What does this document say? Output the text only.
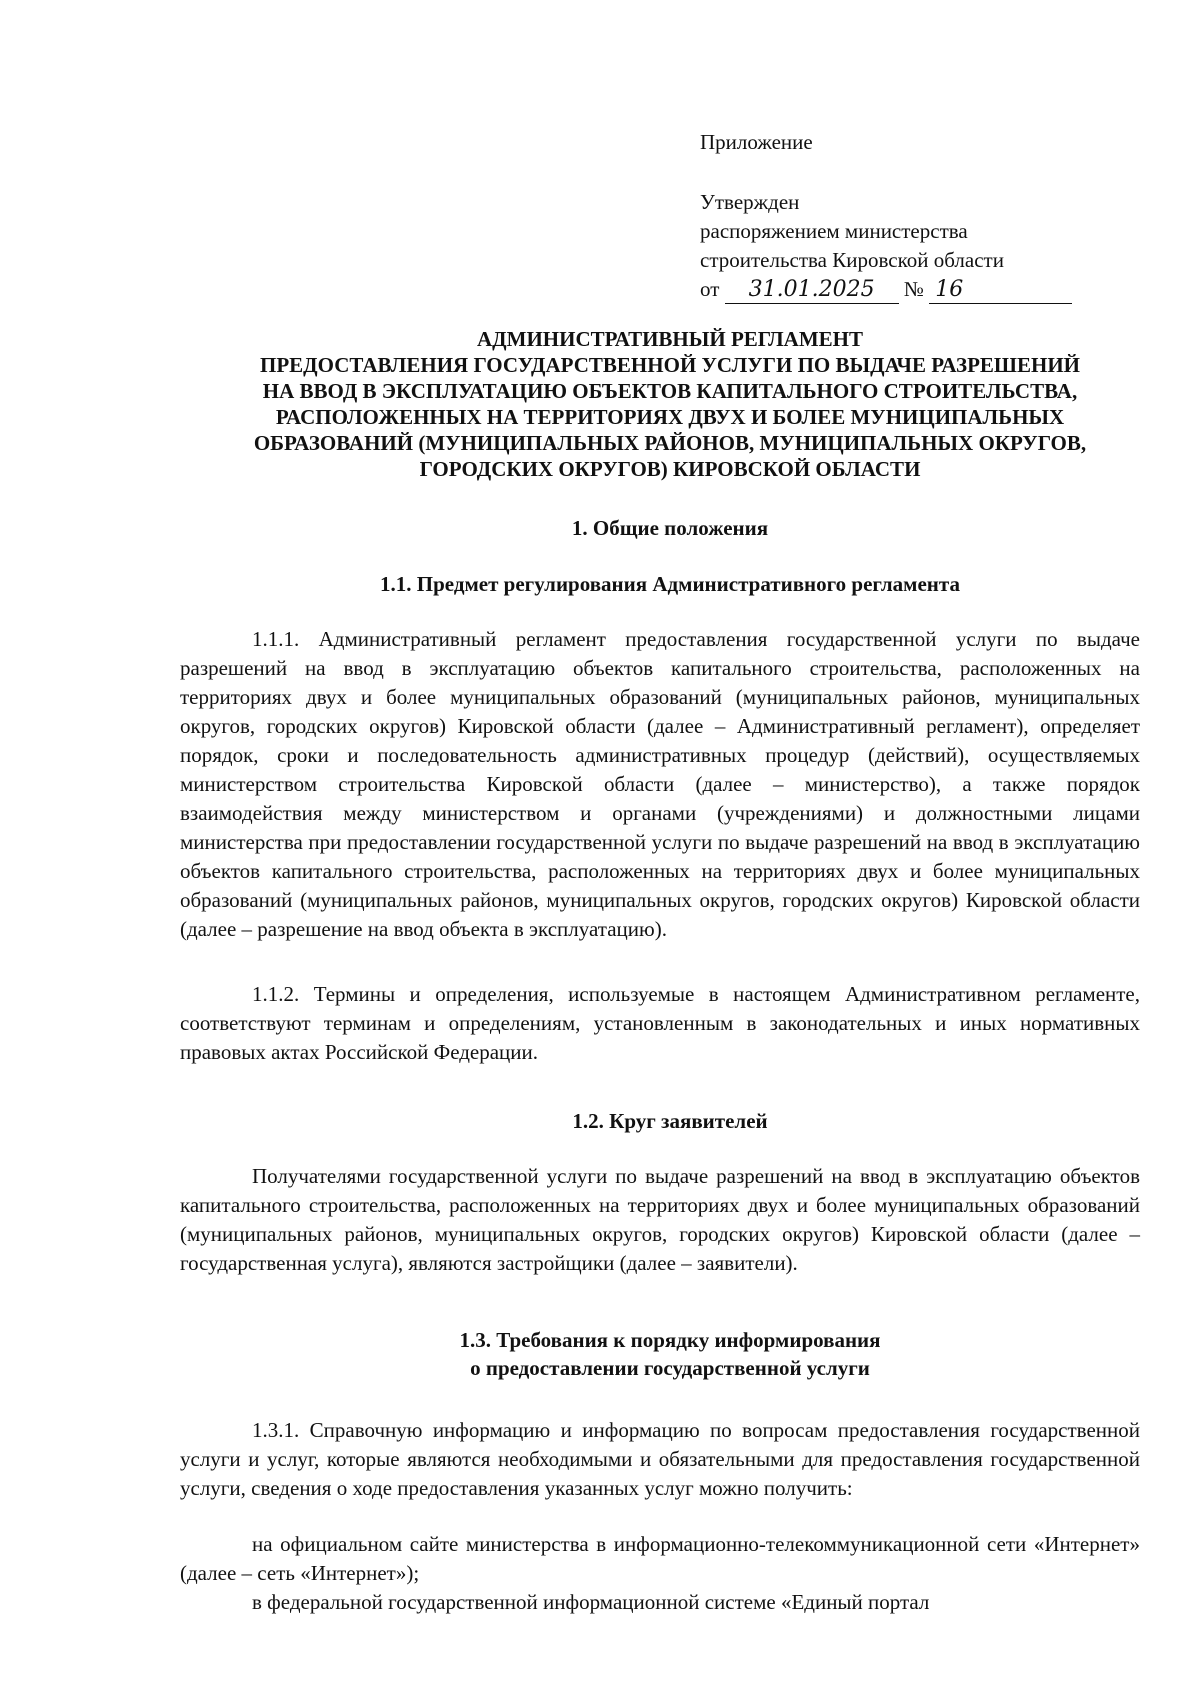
Приложение
Утвержден
распоряжением министерства
строительства Кировской области
от 31.01.2025 № 16
АДМИНИСТРАТИВНЫЙ РЕГЛАМЕНТ
ПРЕДОСТАВЛЕНИЯ ГОСУДАРСТВЕННОЙ УСЛУГИ ПО ВЫДАЧЕ РАЗРЕШЕНИЙ
НА ВВОД В ЭКСПЛУАТАЦИЮ ОБЪЕКТОВ КАПИТАЛЬНОГО СТРОИТЕЛЬСТВА,
РАСПОЛОЖЕННЫХ НА ТЕРРИТОРИЯХ ДВУХ И БОЛЕЕ МУНИЦИПАЛЬНЫХ
ОБРАЗОВАНИЙ (МУНИЦИПАЛЬНЫХ РАЙОНОВ, МУНИЦИПАЛЬНЫХ ОКРУГОВ,
ГОРОДСКИХ ОКРУГОВ) КИРОВСКОЙ ОБЛАСТИ
1. Общие положения
1.1. Предмет регулирования Административного регламента
1.1.1. Административный регламент предоставления государственной услуги по выдаче разрешений на ввод в эксплуатацию объектов капитального строительства, расположенных на территориях двух и более муниципальных образований (муниципальных районов, муниципальных округов, городских округов) Кировской области (далее – Административный регламент), определяет порядок, сроки и последовательность административных процедур (действий), осуществляемых министерством строительства Кировской области (далее – министерство), а также порядок взаимодействия между министерством и органами (учреждениями) и должностными лицами министерства при предоставлении государственной услуги по выдаче разрешений на ввод в эксплуатацию объектов капитального строительства, расположенных на территориях двух и более муниципальных образований (муниципальных районов, муниципальных округов, городских округов) Кировской области (далее – разрешение на ввод объекта в эксплуатацию).
1.1.2. Термины и определения, используемые в настоящем Административном регламенте, соответствуют терминам и определениям, установленным в законодательных и иных нормативных правовых актах Российской Федерации.
1.2. Круг заявителей
Получателями государственной услуги по выдаче разрешений на ввод в эксплуатацию объектов капитального строительства, расположенных на территориях двух и более муниципальных образований (муниципальных районов, муниципальных округов, городских округов) Кировской области (далее – государственная услуга), являются застройщики (далее – заявители).
1.3. Требования к порядку информирования
о предоставлении государственной услуги
1.3.1. Справочную информацию и информацию по вопросам предоставления государственной услуги и услуг, которые являются необходимыми и обязательными для предоставления государственной услуги, сведения о ходе предоставления указанных услуг можно получить:
на официальном сайте министерства в информационно-телекоммуникационной сети «Интернет» (далее – сеть «Интернет»);
в федеральной государственной информационной системе «Единый портал
